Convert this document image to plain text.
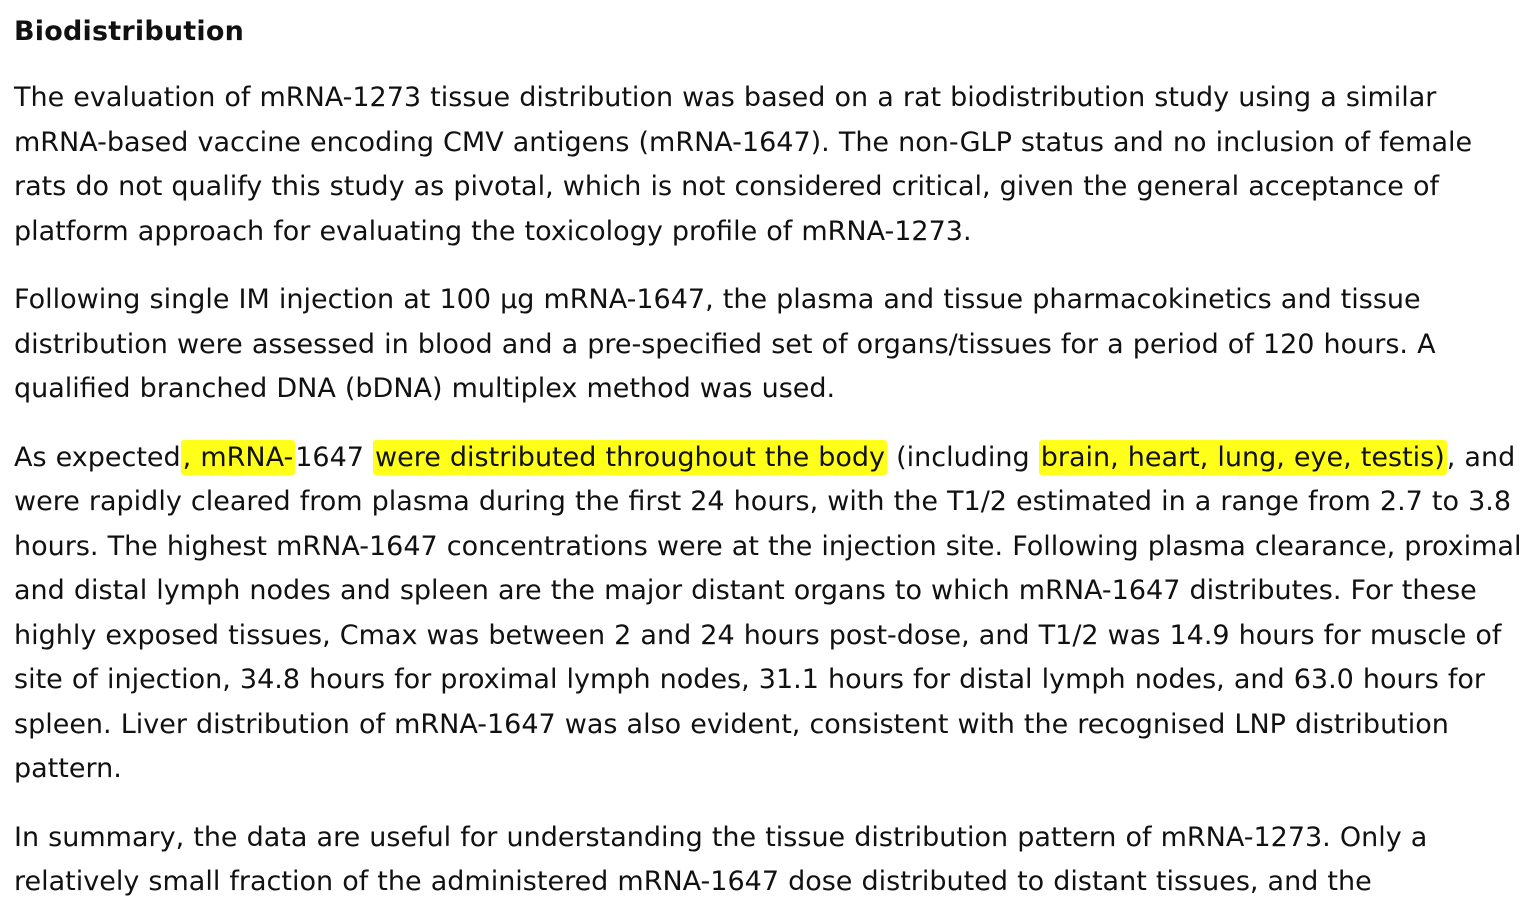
Biodistribution

The evaluation of mRNA-1273 tissue distribution was based on a rat biodistribution study using a similar mRNA-based vaccine encoding CMV antigens (mRNA-1647). The non-GLP status and no inclusion of female rats do not qualify this study as pivotal, which is not considered critical, given the general acceptance of platform approach for evaluating the toxicology profile of mRNA-1273.

Following single IM injection at 100 µg mRNA-1647, the plasma and tissue pharmacokinetics and tissue distribution were assessed in blood and a pre-specified set of organs/tissues for a period of 120 hours. A qualified branched DNA (bDNA) multiplex method was used.

As expected, mRNA-1647 were distributed throughout the body (including brain, heart, lung, eye, testis), and were rapidly cleared from plasma during the first 24 hours, with the T1/2 estimated in a range from 2.7 to 3.8 hours. The highest mRNA-1647 concentrations were at the injection site. Following plasma clearance, proximal and distal lymph nodes and spleen are the major distant organs to which mRNA-1647 distributes. For these highly exposed tissues, Cmax was between 2 and 24 hours post-dose, and T1/2 was 14.9 hours for muscle of site of injection, 34.8 hours for proximal lymph nodes, 31.1 hours for distal lymph nodes, and 63.0 hours for spleen. Liver distribution of mRNA-1647 was also evident, consistent with the recognised LNP distribution pattern.

In summary, the data are useful for understanding the tissue distribution pattern of mRNA-1273. Only a relatively small fraction of the administered mRNA-1647 dose distributed to distant tissues, and the
